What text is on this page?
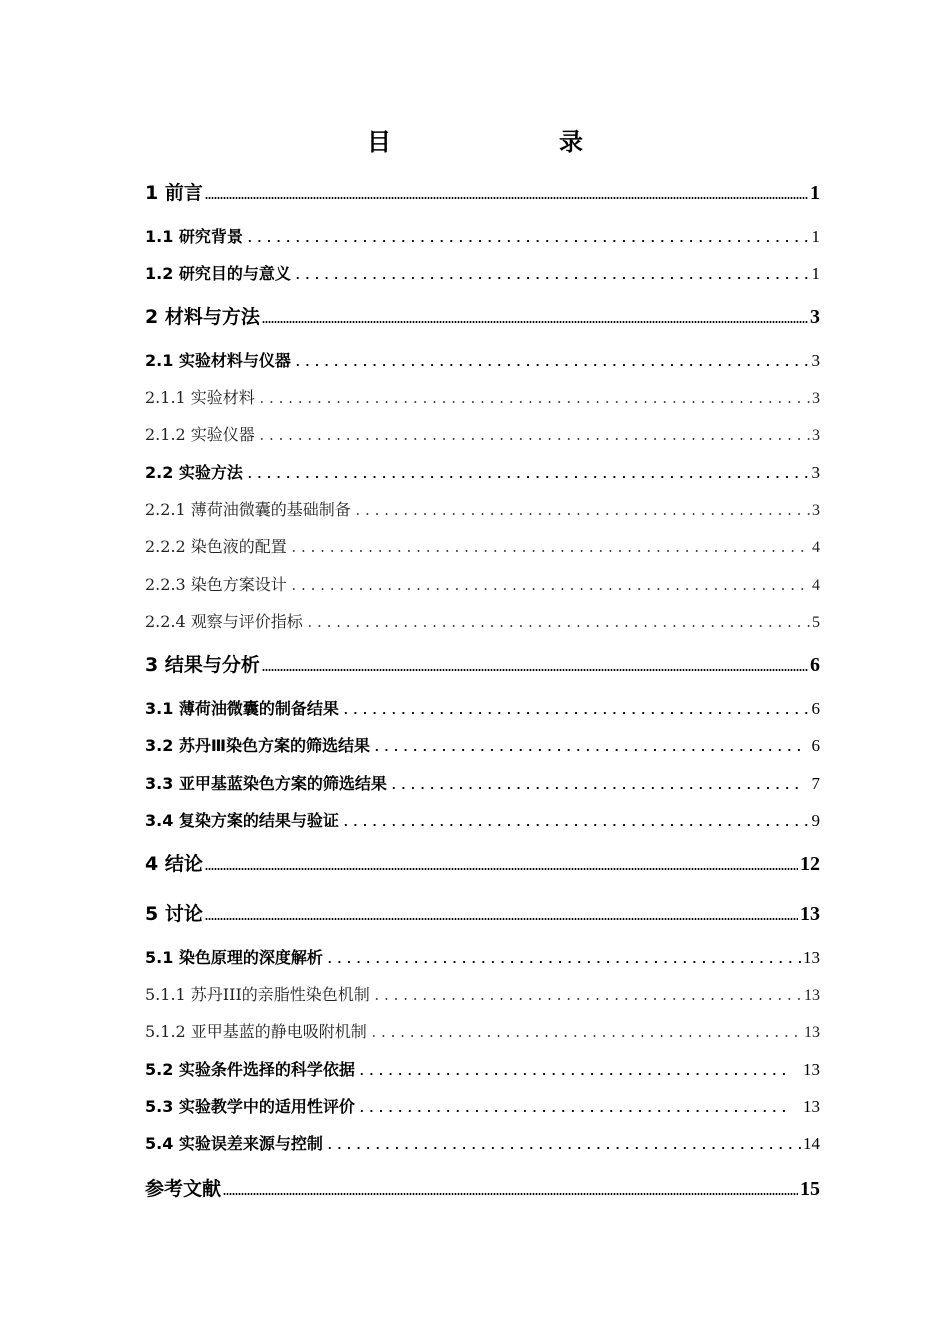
目　　录
1 前言	1
1.1 研究背景	1
1.2 研究目的与意义	1
2 材料与方法	3
2.1 实验材料与仪器	3
2.1.1 实验材料	3
2.1.2 实验仪器	3
2.2 实验方法	3
2.2.1 薄荷油微囊的基础制备	3
2.2.2 染色液的配置	4
2.2.3 染色方案设计	4
2.2.4 观察与评价指标	5
3 结果与分析	6
3.1 薄荷油微囊的制备结果	6
3.2 苏丹Ⅲ染色方案的筛选结果	6
3.3 亚甲基蓝染色方案的筛选结果	7
3.4 复染方案的结果与验证	9
4 结论	12
5 讨论	13
5.1 染色原理的深度解析	13
5.1.1 苏丹III的亲脂性染色机制	13
5.1.2 亚甲基蓝的静电吸附机制	13
5.2 实验条件选择的科学依据	13
5.3 实验教学中的适用性评价	13
5.4 实验误差来源与控制	14
参考文献	15
